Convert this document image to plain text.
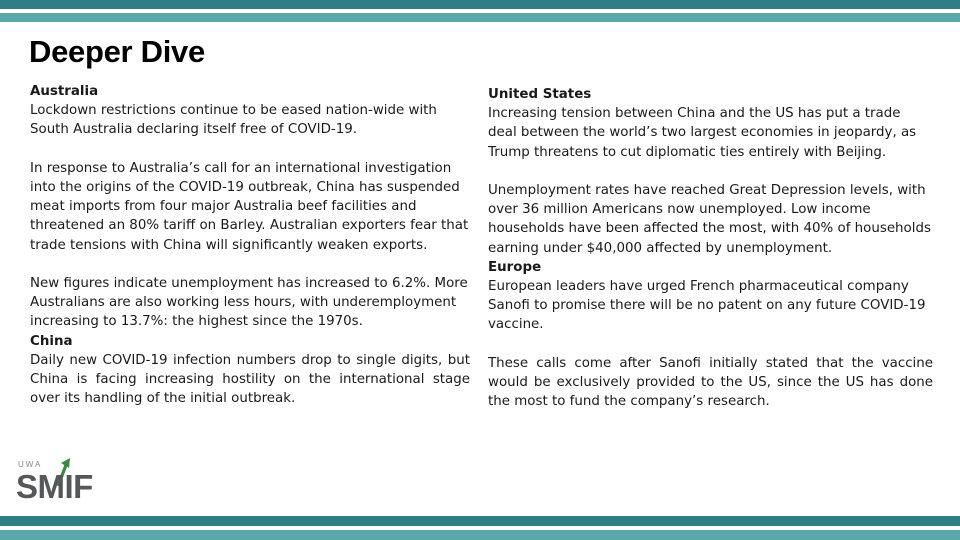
Deeper Dive

Australia

Lockdown restrictions continue to be eased nation-wide with South Australia declaring itself free of COVID-19.

In response to Australia’s call for an international investigation into the origins of the COVID-19 outbreak, China has suspended meat imports from four major Australia beef facilities and threatened an 80% tariff on Barley. Australian exporters fear that trade tensions with China will significantly weaken exports.

New figures indicate unemployment has increased to 6.2%. More Australians are also working less hours, with underemployment increasing to 13.7%: the highest since the 1970s.

China

Daily new COVID-19 infection numbers drop to single digits, but China is facing increasing hostility on the international stage over its handling of the initial outbreak.

United States

Increasing tension between China and the US has put a trade deal between the world’s two largest economies in jeopardy, as Trump threatens to cut diplomatic ties entirely with Beijing.

Unemployment rates have reached Great Depression levels, with over 36 million Americans now unemployed. Low income households have been affected the most, with 40% of households earning under $40,000 affected by unemployment.

Europe

European leaders have urged French pharmaceutical company Sanofi to promise there will be no patent on any future COVID-19 vaccine.

These calls come after Sanofi initially stated that the vaccine would be exclusively provided to the US, since the US has done the most to fund the company’s research.

UWA
SMIF
